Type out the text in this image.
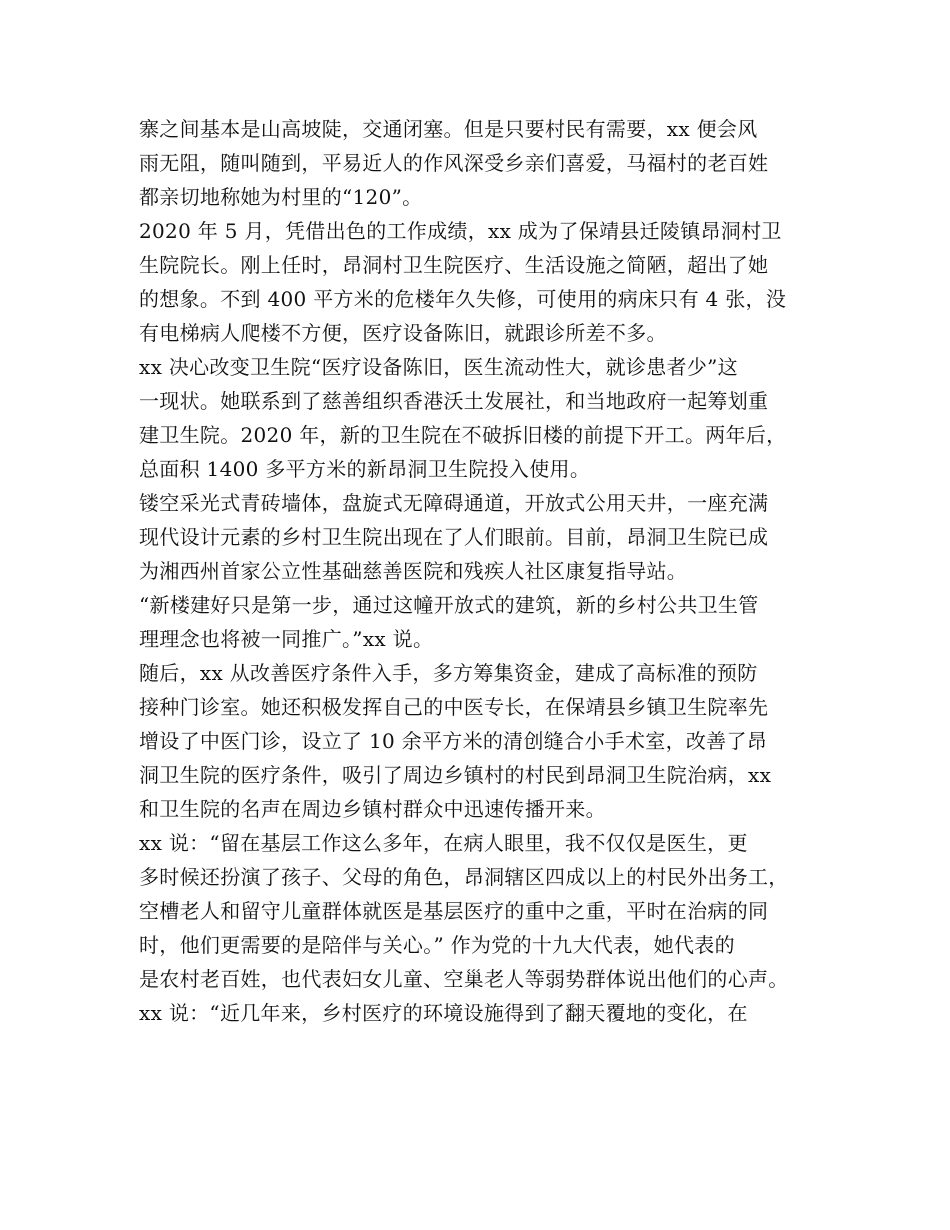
寨之间基本是山高坡陡，交通闭塞。但是只要村民有需要，xx 便会风
雨无阻，随叫随到，平易近人的作风深受乡亲们喜爱，马福村的老百姓
都亲切地称她为村里的“120”。
2020 年 5 月，凭借出色的工作成绩，xx 成为了保靖县迁陵镇昂洞村卫
生院院长。刚上任时，昂洞村卫生院医疗、生活设施之简陋，超出了她
的想象。不到 400 平方米的危楼年久失修，可使用的病床只有 4 张，没
有电梯病人爬楼不方便，医疗设备陈旧，就跟诊所差不多。
xx 决心改变卫生院“医疗设备陈旧，医生流动性大，就诊患者少”这
一现状。她联系到了慈善组织香港沃土发展社，和当地政府一起筹划重
建卫生院。2020 年，新的卫生院在不破拆旧楼的前提下开工。两年后，
总面积 1400 多平方米的新昂洞卫生院投入使用。
镂空采光式青砖墙体，盘旋式无障碍通道，开放式公用天井，一座充满
现代设计元素的乡村卫生院出现在了人们眼前。目前，昂洞卫生院已成
为湘西州首家公立性基础慈善医院和残疾人社区康复指导站。
“新楼建好只是第一步，通过这幢开放式的建筑，新的乡村公共卫生管
理理念也将被一同推广。”xx 说。
随后，xx 从改善医疗条件入手，多方筹集资金，建成了高标准的预防
接种门诊室。她还积极发挥自己的中医专长，在保靖县乡镇卫生院率先
增设了中医门诊，设立了 10 余平方米的清创缝合小手术室，改善了昂
洞卫生院的医疗条件，吸引了周边乡镇村的村民到昂洞卫生院治病，xx
和卫生院的名声在周边乡镇村群众中迅速传播开来。
xx 说：“留在基层工作这么多年，在病人眼里，我不仅仅是医生，更
多时候还扮演了孩子、父母的角色，昂洞辖区四成以上的村民外出务工，
空槽老人和留守儿童群体就医是基层医疗的重中之重，平时在治病的同
时，他们更需要的是陪伴与关心。” 作为党的十九大代表，她代表的
是农村老百姓，也代表妇女儿童、空巢老人等弱势群体说出他们的心声。
xx 说：“近几年来，乡村医疗的环境设施得到了翻天覆地的变化，在
